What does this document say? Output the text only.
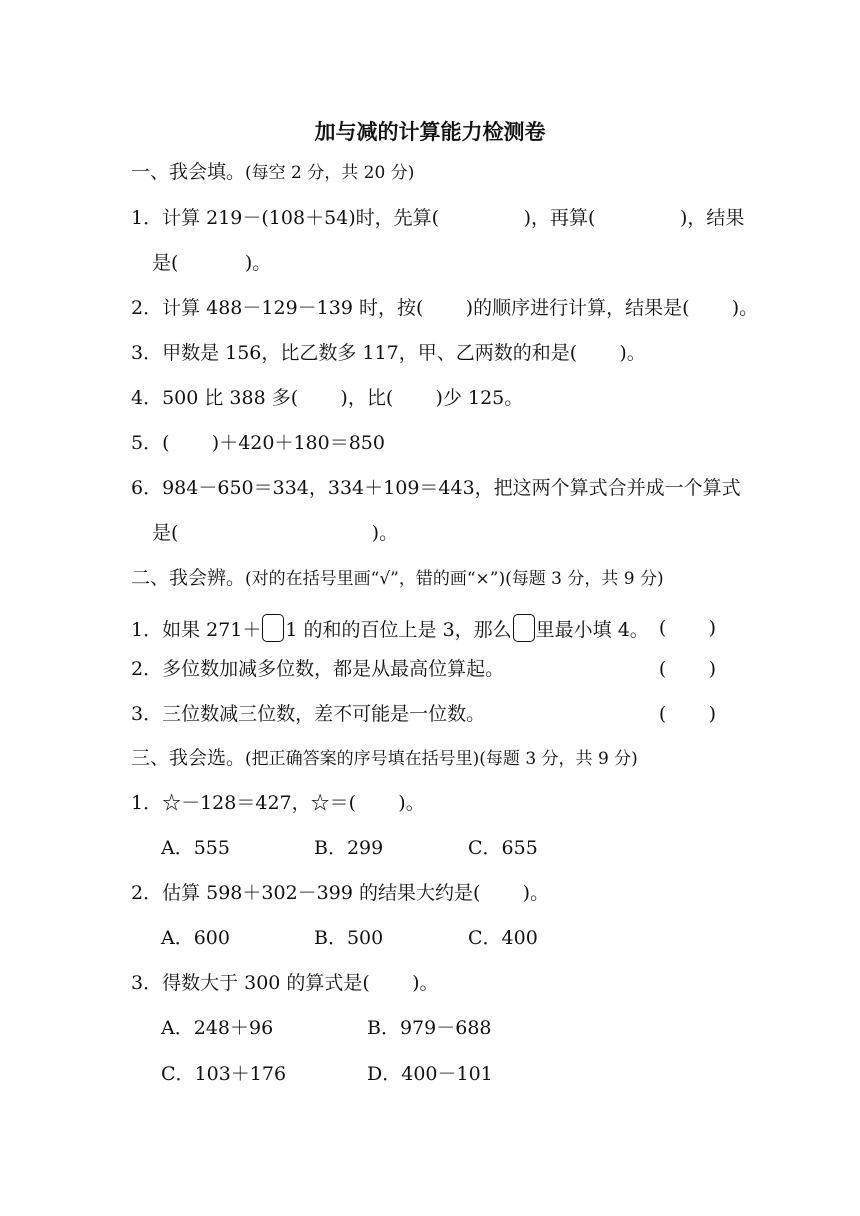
加与减的计算能力检测卷
一、我会填。(每空 2 分，共 20 分)
1．计算 219－(108＋54)时，先算(              )，再算(              )，结果
是(           )。
2．计算 488－129－139 时，按(       )的顺序进行计算，结果是(       )。
3．甲数是 156，比乙数多 117，甲、乙两数的和是(       )。
4．500 比 388 多(       )，比(       )少 125。
5．(       )＋420＋180＝850
6．984－650＝334，334＋109＝443，把这两个算式合并成一个算式
是(                                )。
二、我会辨。(对的在括号里画“√”，错的画“×”)(每题 3 分，共 9 分)
1．如果 271＋ 1 的和的百位上是 3，那么 里最小填 4。 (       )
2．多位数加减多位数，都是从最高位算起。	(       )
3．三位数减三位数，差不可能是一位数。	(       )
三、我会选。(把正确答案的序号填在括号里)(每题 3 分，共 9 分)
1．☆－128＝427，☆＝(       )。
A．555	B．299	C．655
2．估算 598＋302－399 的结果大约是(       )。
A．600	B．500	C．400
3．得数大于 300 的算式是(       )。
A．248＋96	B．979－688
C．103＋176	D．400－101
